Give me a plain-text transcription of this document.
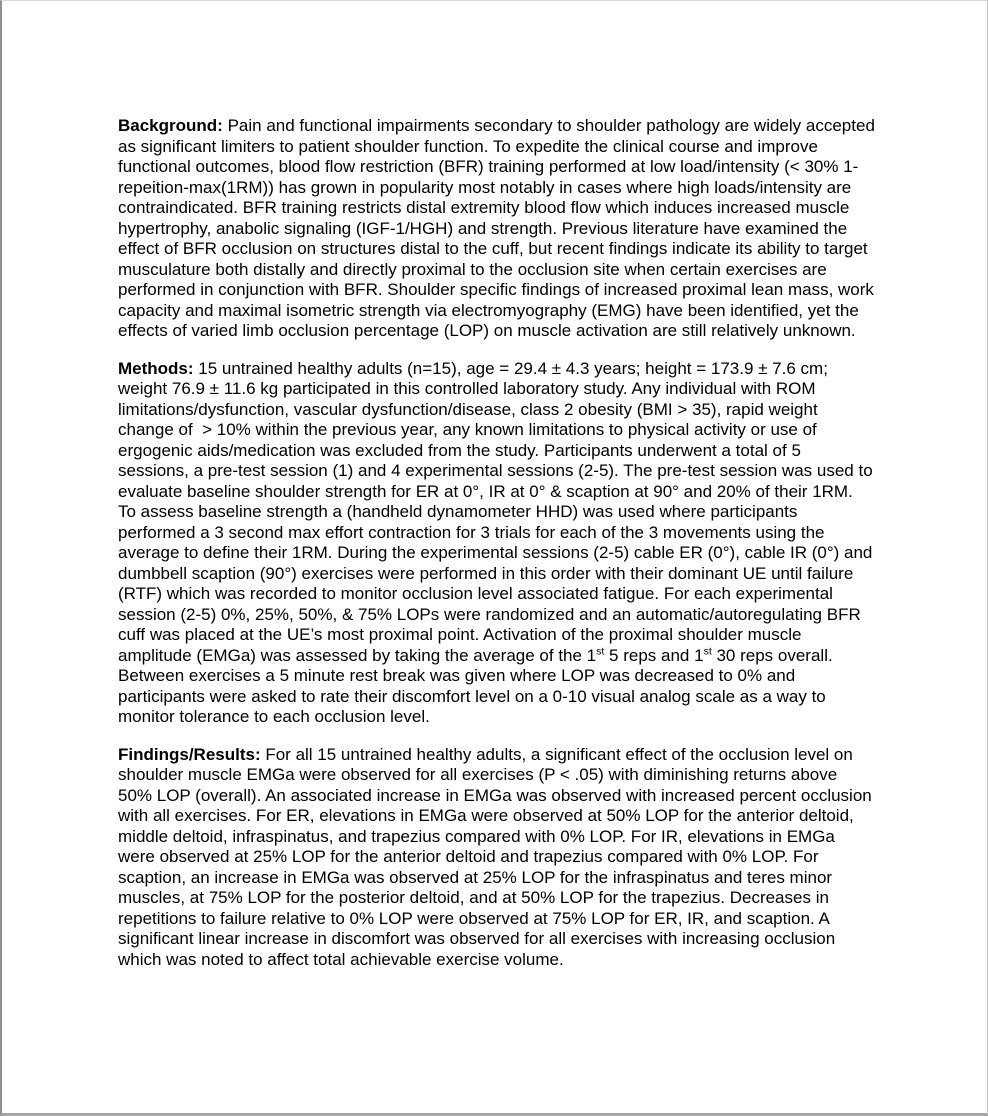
Background: Pain and functional impairments secondary to shoulder pathology are widely accepted as significant limiters to patient shoulder function. To expedite the clinical course and improve functional outcomes, blood flow restriction (BFR) training performed at low load/intensity (< 30% 1-repeition-max(1RM)) has grown in popularity most notably in cases where high loads/intensity are contraindicated. BFR training restricts distal extremity blood flow which induces increased muscle hypertrophy, anabolic signaling (IGF-1/HGH) and strength. Previous literature have examined the effect of BFR occlusion on structures distal to the cuff, but recent findings indicate its ability to target musculature both distally and directly proximal to the occlusion site when certain exercises are performed in conjunction with BFR. Shoulder specific findings of increased proximal lean mass, work capacity and maximal isometric strength via electromyography (EMG) have been identified, yet the effects of varied limb occlusion percentage (LOP) on muscle activation are still relatively unknown.

Methods: 15 untrained healthy adults (n=15), age = 29.4 ± 4.3 years; height = 173.9 ± 7.6 cm; weight 76.9 ± 11.6 kg participated in this controlled laboratory study. Any individual with ROM limitations/dysfunction, vascular dysfunction/disease, class 2 obesity (BMI > 35), rapid weight change of  > 10% within the previous year, any known limitations to physical activity or use of ergogenic aids/medication was excluded from the study. Participants underwent a total of 5 sessions, a pre-test session (1) and 4 experimental sessions (2-5). The pre-test session was used to evaluate baseline shoulder strength for ER at 0°, IR at 0° & scaption at 90° and 20% of their 1RM. To assess baseline strength a (handheld dynamometer HHD) was used where participants performed a 3 second max effort contraction for 3 trials for each of the 3 movements using the average to define their 1RM. During the experimental sessions (2-5) cable ER (0°), cable IR (0°) and dumbbell scaption (90°) exercises were performed in this order with their dominant UE until failure (RTF) which was recorded to monitor occlusion level associated fatigue. For each experimental session (2-5) 0%, 25%, 50%, & 75% LOPs were randomized and an automatic/autoregulating BFR cuff was placed at the UE’s most proximal point. Activation of the proximal shoulder muscle amplitude (EMGa) was assessed by taking the average of the 1st 5 reps and 1st 30 reps overall. Between exercises a 5 minute rest break was given where LOP was decreased to 0% and participants were asked to rate their discomfort level on a 0-10 visual analog scale as a way to monitor tolerance to each occlusion level.

Findings/Results: For all 15 untrained healthy adults, a significant effect of the occlusion level on shoulder muscle EMGa were observed for all exercises (P < .05) with diminishing returns above 50% LOP (overall). An associated increase in EMGa was observed with increased percent occlusion with all exercises. For ER, elevations in EMGa were observed at 50% LOP for the anterior deltoid, middle deltoid, infraspinatus, and trapezius compared with 0% LOP. For IR, elevations in EMGa were observed at 25% LOP for the anterior deltoid and trapezius compared with 0% LOP. For scaption, an increase in EMGa was observed at 25% LOP for the infraspinatus and teres minor muscles, at 75% LOP for the posterior deltoid, and at 50% LOP for the trapezius. Decreases in repetitions to failure relative to 0% LOP were observed at 75% LOP for ER, IR, and scaption. A significant linear increase in discomfort was observed for all exercises with increasing occlusion which was noted to affect total achievable exercise volume.
